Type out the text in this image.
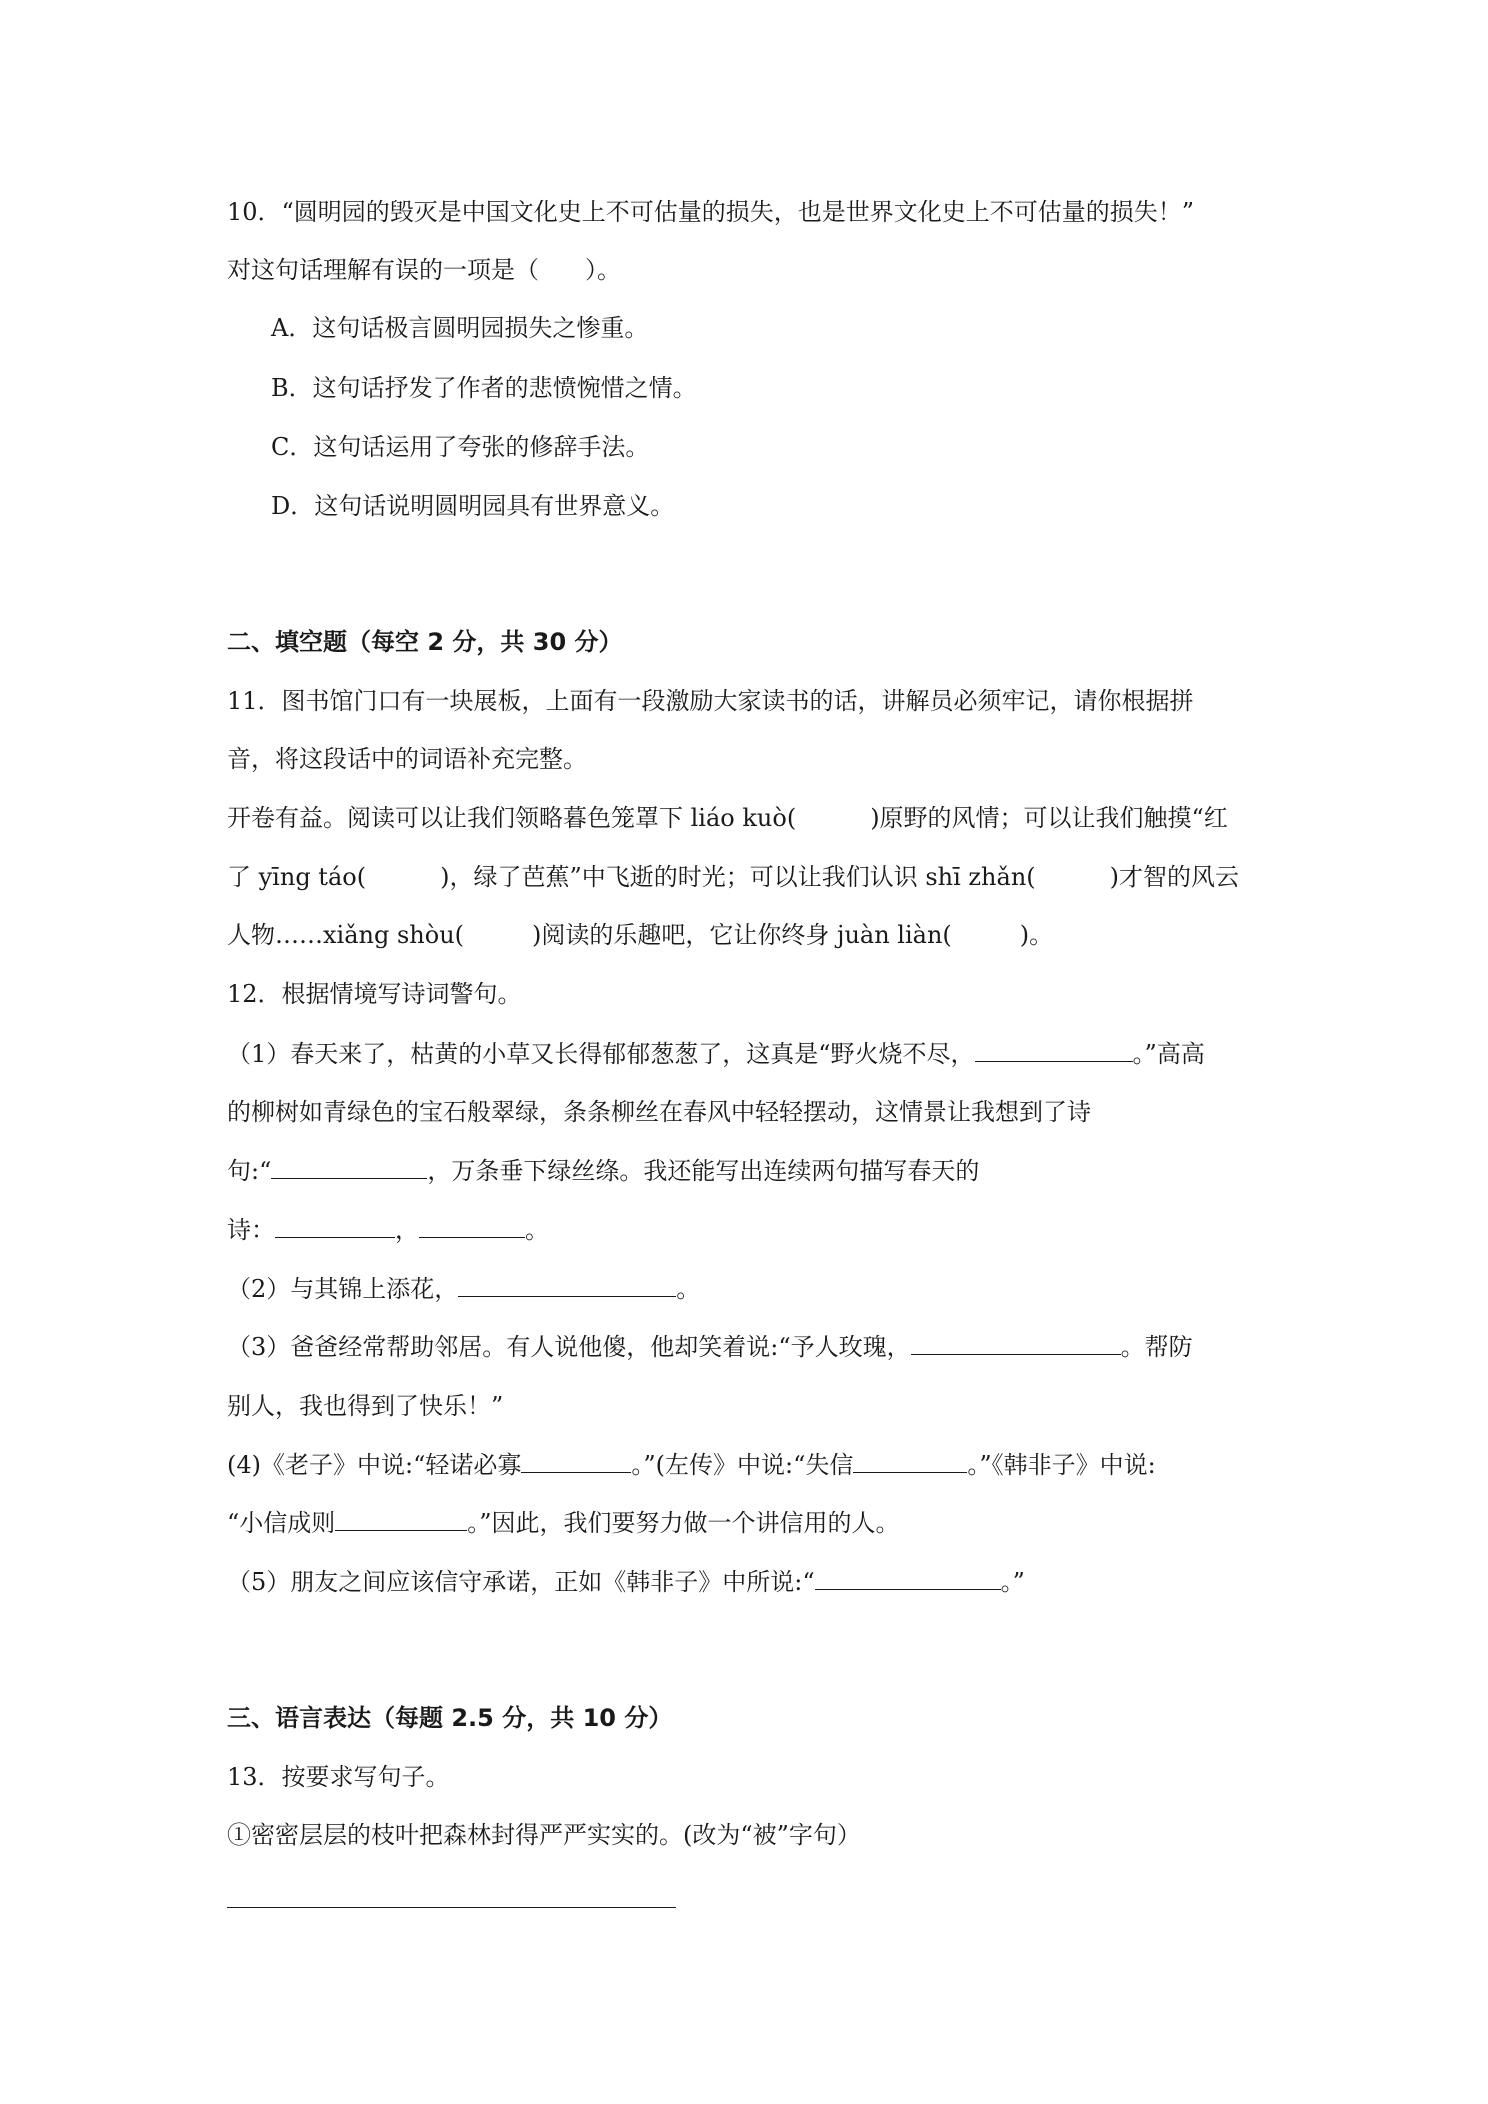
10．“圆明园的毁灭是中国文化史上不可估量的损失，也是世界文化史上不可估量的损失！”
对这句话理解有误的一项是（ ）。
A．这句话极言圆明园损失之惨重。
B．这句话抒发了作者的悲愤惋惜之情。
C．这句话运用了夸张的修辞手法。
D．这句话说明圆明园具有世界意义。
二、填空题（每空 2 分，共 30 分）
11．图书馆门口有一块展板，上面有一段激励大家读书的话，讲解员必须牢记，请你根据拼
音，将这段话中的词语补充完整。
开卷有益。阅读可以让我们领略暮色笼罩下 liáo kuò(	)原野的风情；可以让我们触摸“红
了 yīng táo(	)，绿了芭蕉”中飞逝的时光；可以让我们认识 shī zhǎn(	)才智的风云
人物……xiǎng shòu(	)阅读的乐趣吧，它让你终身 juàn liàn(	)。
12．根据情境写诗词警句。
（1）春天来了，枯黄的小草又长得郁郁葱葱了，这真是“野火烧不尽，	。”高高
的柳树如青绿色的宝石般翠绿，条条柳丝在春风中轻轻摆动，这情景让我想到了诗
句:“	，万条垂下绿丝绦。我还能写出连续两句描写春天的
诗：	，	。
（2）与其锦上添花，	。
（3）爸爸经常帮助邻居。有人说他傻，他却笑着说:“予人玫瑰，	。帮防
别人，我也得到了快乐！”
(4)《老子》中说:“轻诺必寡	。”(左传》中说:“失信	。”《韩非子》中说:
“小信成则	。”因此，我们要努力做一个讲信用的人。
（5）朋友之间应该信守承诺，正如《韩非子》中所说:“	。”
三、语言表达（每题 2.5 分，共 10 分）
13．按要求写句子。
①密密层层的枝叶把森林封得严严实实的。(改为“被”字句）
